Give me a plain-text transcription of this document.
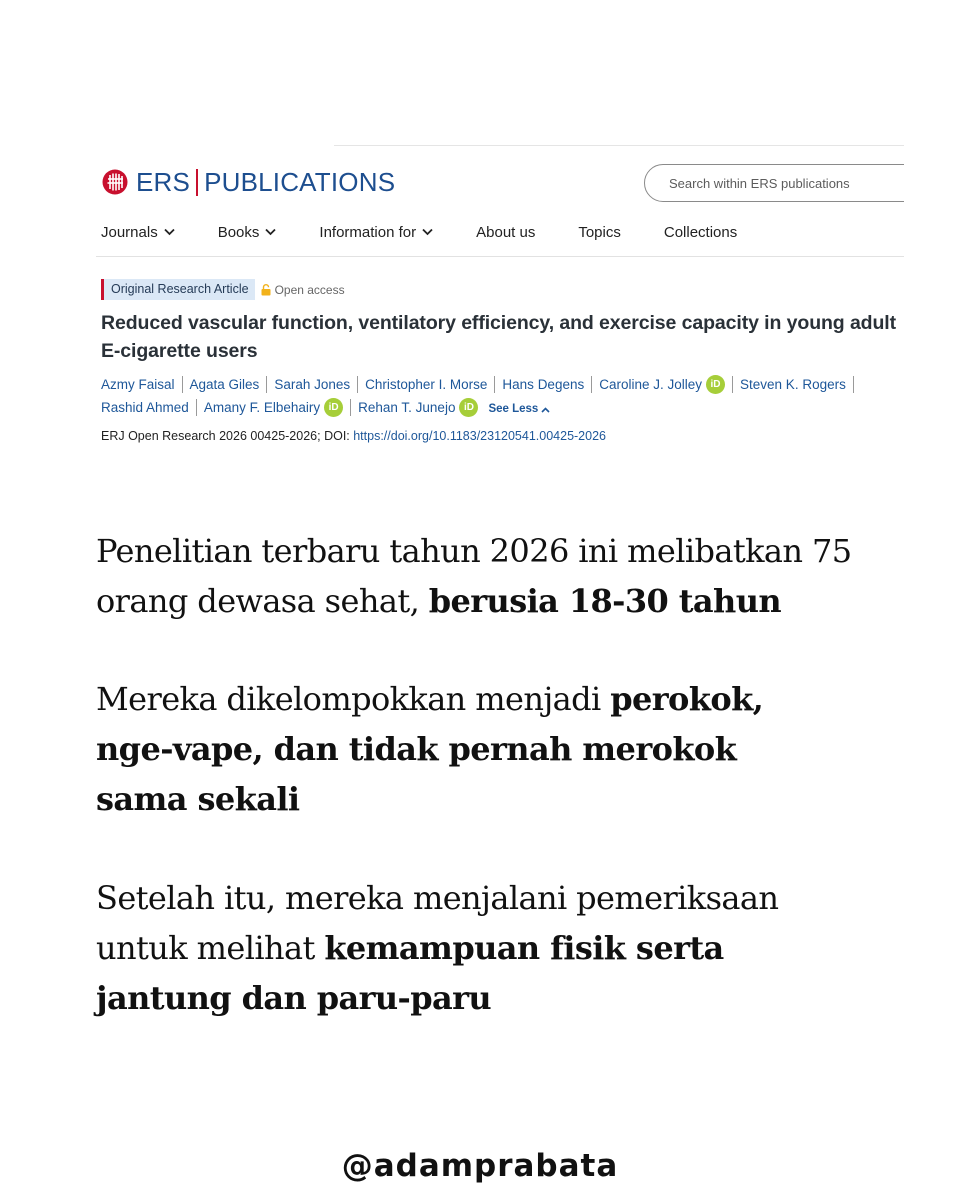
ERS PUBLICATIONS
Search within ERS publications
Journals	Books	Information for	About us	Topics	Collections
Original Research Article	Open access
Reduced vascular function, ventilatory efficiency, and exercise capacity in young adult E-cigarette users
Azmy Faisal Agata Giles Sarah Jones Christopher I. Morse Hans Degens Caroline J. Jolley iD	Steven K. Rogers

Rashid Ahmed Amany F. Elbehairy iD	Rehan T. Junejo iD	See Less
ERJ Open Research 2026 00425-2026; DOI: https://doi.org/10.1183/23120541.00425-2026

Penelitian terbaru tahun 2026 ini melibatkan 75 orang dewasa sehat, berusia 18-30 tahun

Mereka dikelompokkan menjadi perokok, nge-vape, dan tidak pernah merokok sama sekali

Setelah itu, mereka menjalani pemeriksaan untuk melihat kemampuan fisik serta jantung dan paru-paru

@adamprabata
